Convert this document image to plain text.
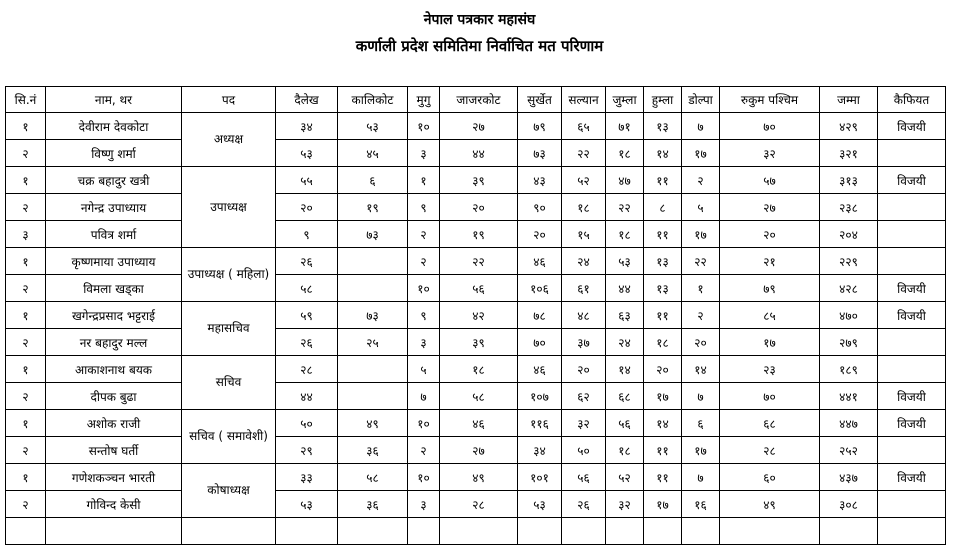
नेपाल पत्रकार महासंघ
कर्णाली प्रदेश समितिमा निर्वाचित मत परिणाम
सि.नं	नाम, थर	पद	दैलेख	कालिकोट	मुगु	जाजरकोट	सुर्खेत	सल्यान	जुम्ला	हुम्ला	डोल्पा	रुकुम पश्चिम	जम्मा	कैफियत
१	देवीराम देवकोटा	अध्यक्ष	३४	५३	१०	२७	७९	६५	७१	१३	७	७०	४२९	विजयी
२	विष्णु शर्मा		५३	४५	३	४४	७३	२२	१८	१४	१७	३२	३२१	
१	चक्र बहादुर खत्री	उपाध्यक्ष	५५	६	१	३९	४३	५२	४७	११	२	५७	३१३	विजयी
२	नगेन्द्र उपाध्याय		२०	१९	९	२०	९०	१८	२२	८	५	२७	२३८	
३	पवित्र शर्मा		९	७३	२	१९	२०	१५	१८	११	१७	२०	२०४	
१	कृष्णमाया उपाध्याय	उपाध्यक्ष ( महिला)	२६		२	२२	४६	२४	५३	१३	२२	२१	२२९	
२	विमला खड्का		५८		१०	५६	१०६	६१	४४	१३	१	७९	४२८	विजयी
१	खगेन्द्रप्रसाद भट्टराई	महासचिव	५९	७३	९	४२	७८	४८	६३	११	२	८५	४७०	विजयी
२	नर बहादुर मल्ल		२६	२५	३	३९	७०	३७	२४	१८	२०	१७	२७९	
१	आकाशनाथ बयक	सचिव	२८		५	१८	४६	२०	१४	२०	१४	२३	१८९	
२	दीपक बुढा		४४		७	५८	१०७	६२	६८	१७	७	७०	४४१	विजयी
१	अशोक राजी	सचिव ( समावेशी)	५०	४९	१०	४६	११६	३२	५६	१४	६	६८	४४७	विजयी
२	सन्तोष घर्ती		२९	३६	२	२७	३४	५०	१८	११	१७	२८	२५२	
१	गणेशकञ्चन भारती	कोषाध्यक्ष	३३	५८	१०	४९	१०१	५६	५२	११	७	६०	४३७	विजयी
२	गोविन्द केसी		५३	३६	३	२८	५३	२६	३२	१७	१६	४९	३०८	
